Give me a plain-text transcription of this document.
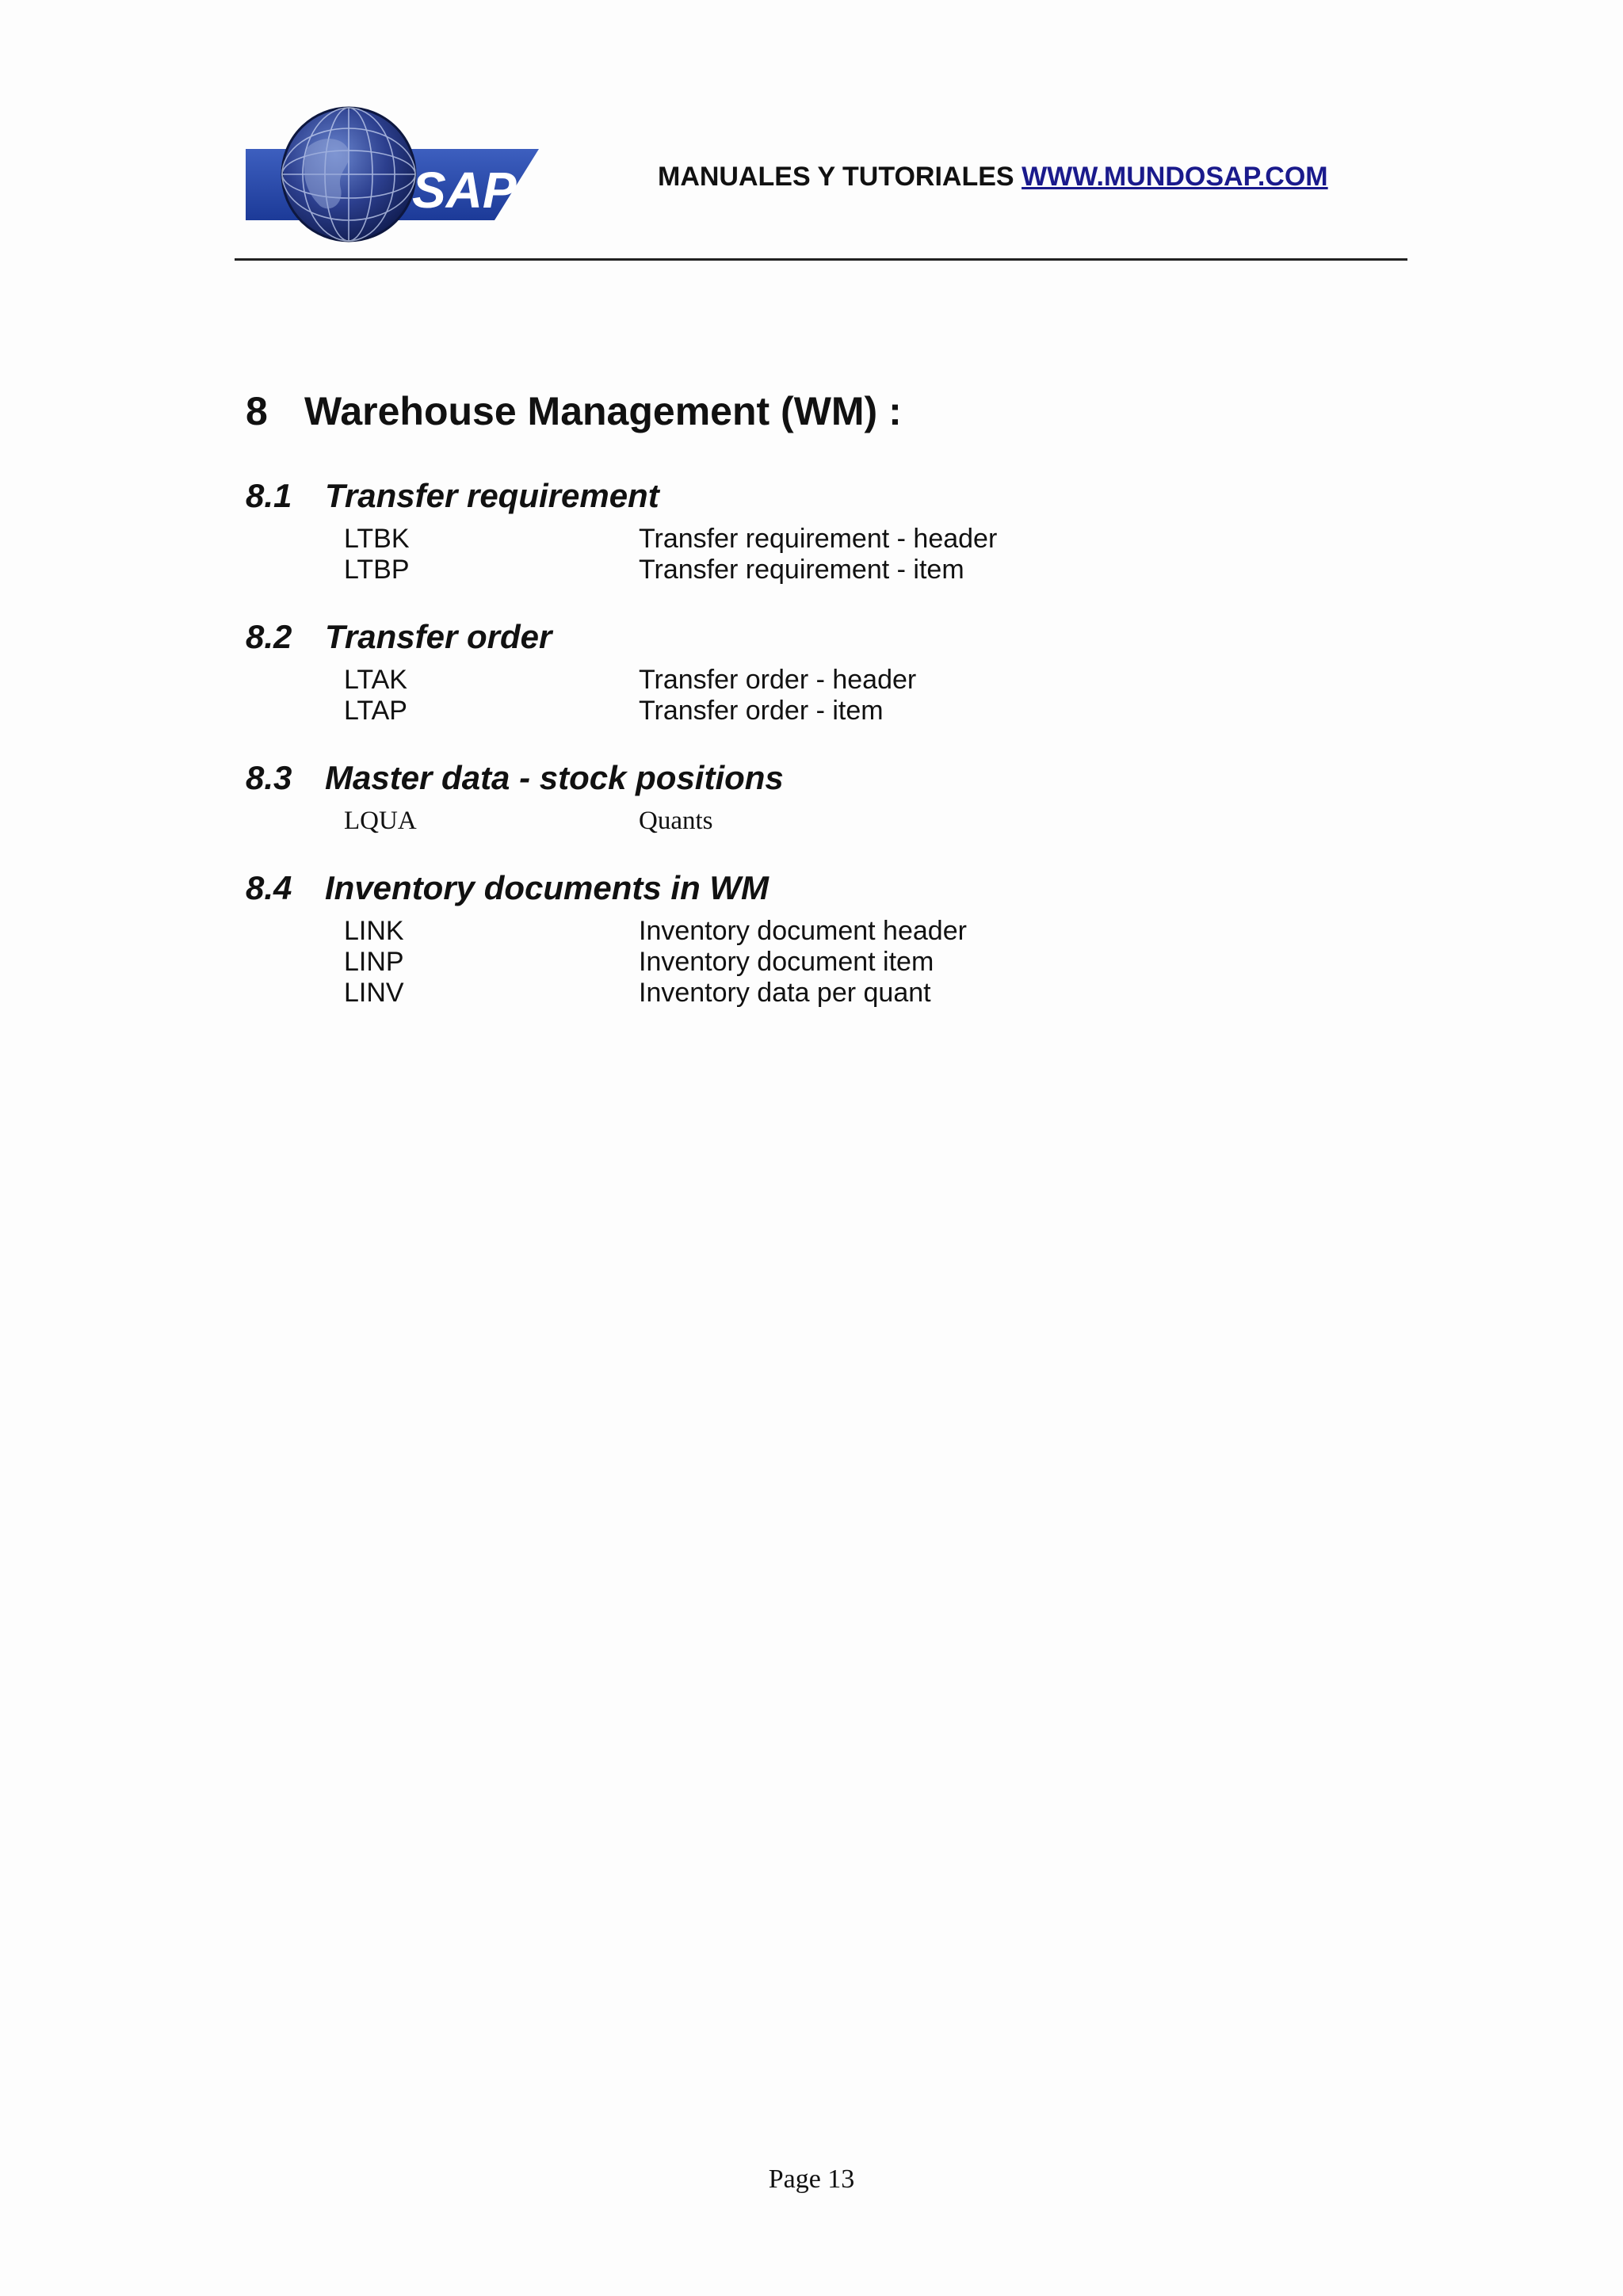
SAP	MANUALES Y TUTORIALES WWW.MUNDOSAP.COM
8 Warehouse Management (WM) :
8.1 Transfer requirement
LTBK	Transfer requirement - header
LTBP	Transfer requirement - item
8.2 Transfer order
LTAK	Transfer order - header
LTAP	Transfer order - item
8.3 Master data - stock positions
LQUA	Quants
8.4 Inventory documents in WM
LINK	Inventory document header
LINP	Inventory document item
LINV	Inventory data per quant
Page 13
